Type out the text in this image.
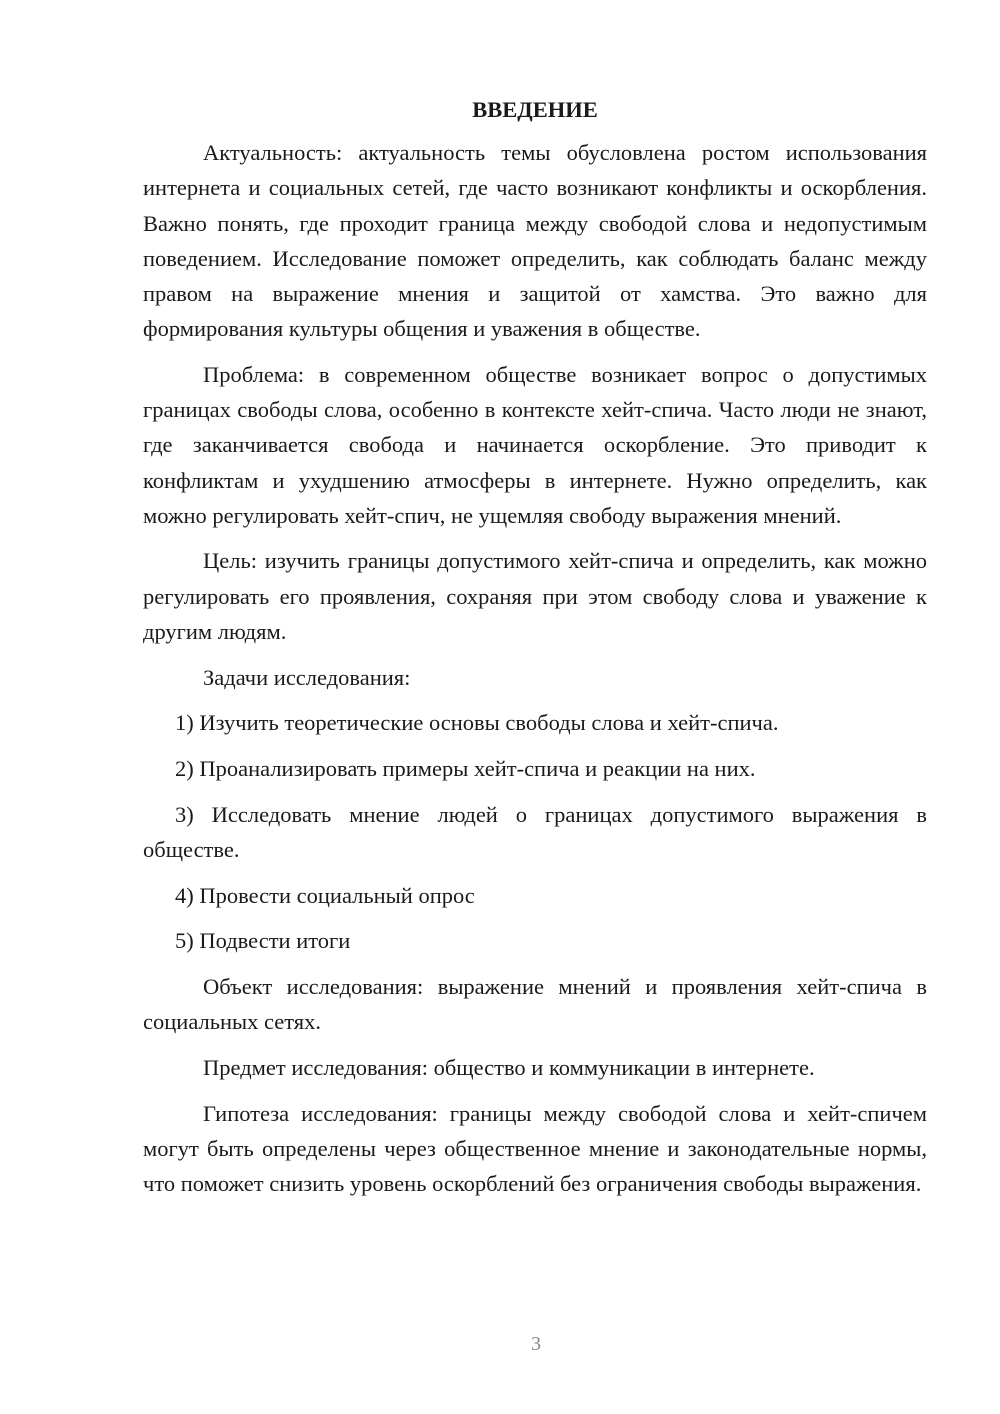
ВВЕДЕНИЕ

Актуальность: актуальность темы обусловлена ростом использования интернета и социальных сетей, где часто возникают конфликты и оскорбления. Важно понять, где проходит граница между свободой слова и недопустимым поведением. Исследование поможет определить, как соблюдать баланс между правом на выражение мнения и защитой от хамства. Это важно для формирования культуры общения и уважения в обществе.

Проблема: в современном обществе возникает вопрос о допустимых границах свободы слова, особенно в контексте хейт-спича. Часто люди не знают, где заканчивается свобода и начинается оскорбление. Это приводит к конфликтам и ухудшению атмосферы в интернете. Нужно определить, как можно регулировать хейт-спич, не ущемляя свободу выражения мнений.

Цель: изучить границы допустимого хейт-спича и определить, как можно регулировать его проявления, сохраняя при этом свободу слова и уважение к другим людям.

Задачи исследования:

1) Изучить теоретические основы свободы слова и хейт-спича.

2) Проанализировать примеры хейт-спича и реакции на них.

3) Исследовать мнение людей о границах допустимого выражения в обществе.

4) Провести социальный опрос

5) Подвести итоги

Объект исследования: выражение мнений и проявления хейт-спича в социальных сетях.

Предмет исследования: общество и коммуникации в интернете.

Гипотеза исследования: границы между свободой слова и хейт-спичем могут быть определены через общественное мнение и законодательные нормы, что поможет снизить уровень оскорблений без ограничения свободы выражения.

3
